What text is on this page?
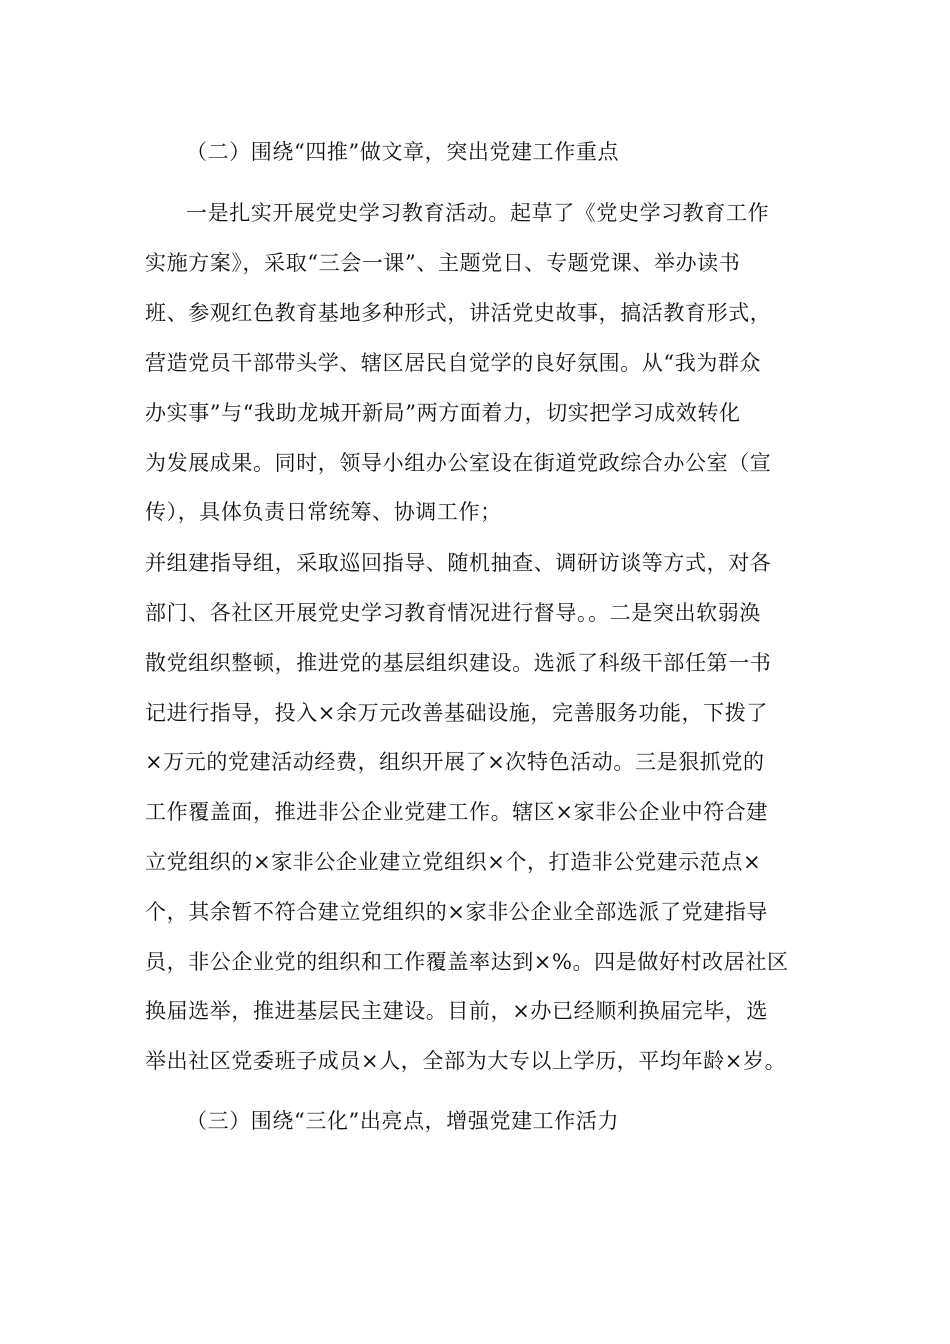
（二）围绕“四推”做文章，突出党建工作重点
一是扎实开展党史学习教育活动。起草了《党史学习教育工作
实施方案》，采取“三会一课”、主题党日、专题党课、举办读书
班、参观红色教育基地多种形式，讲活党史故事，搞活教育形式，
营造党员干部带头学、辖区居民自觉学的良好氛围。从“我为群众
办实事”与“我助龙城开新局”两方面着力，切实把学习成效转化
为发展成果。同时，领导小组办公室设在街道党政综合办公室（宣
传），具体负责日常统筹、协调工作；
并组建指导组，采取巡回指导、随机抽查、调研访谈等方式，对各
部门、各社区开展党史学习教育情况进行督导。。二是突出软弱涣
散党组织整顿，推进党的基层组织建设。选派了科级干部任第一书
记进行指导，投入×余万元改善基础设施，完善服务功能，下拨了
×万元的党建活动经费，组织开展了×次特色活动。三是狠抓党的
工作覆盖面，推进非公企业党建工作。辖区×家非公企业中符合建
立党组织的×家非公企业建立党组织×个，打造非公党建示范点×
个，其余暂不符合建立党组织的×家非公企业全部选派了党建指导
员，非公企业党的组织和工作覆盖率达到×%。四是做好村改居社区
换届选举，推进基层民主建设。目前，×办已经顺利换届完毕，选
举出社区党委班子成员×人，全部为大专以上学历，平均年龄×岁。
（三）围绕“三化”出亮点，增强党建工作活力
